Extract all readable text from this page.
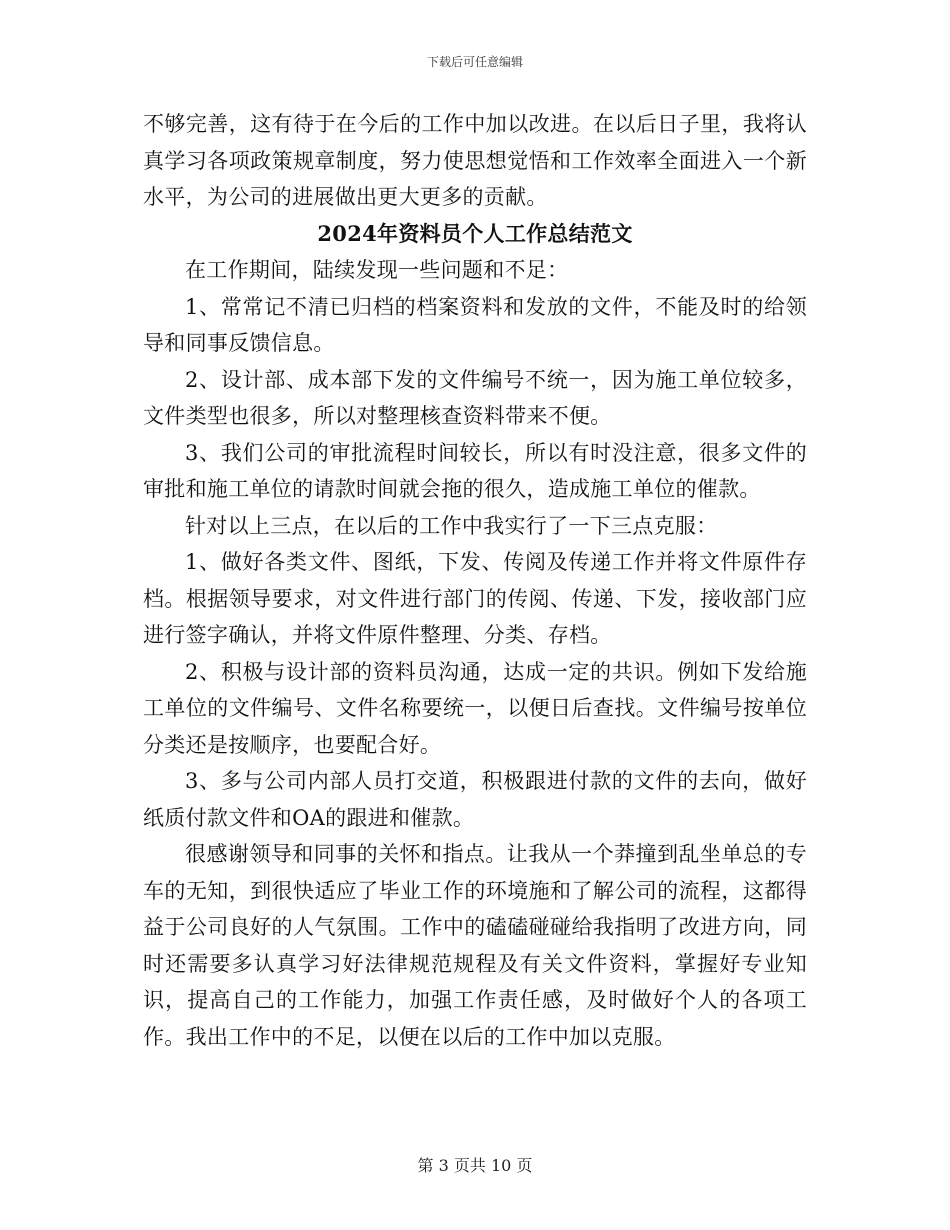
下载后可任意编辑

不够完善，这有待于在今后的工作中加以改进。在以后日子里，我将认真学习各项政策规章制度，努力使思想觉悟和工作效率全面进入一个新水平，为公司的进展做出更大更多的贡献。

2024年资料员个人工作总结范文

在工作期间，陆续发现一些问题和不足：

1、常常记不清已归档的档案资料和发放的文件，不能及时的给领导和同事反馈信息。

2、设计部、成本部下发的文件编号不统一，因为施工单位较多，文件类型也很多，所以对整理核查资料带来不便。

3、我们公司的审批流程时间较长，所以有时没注意，很多文件的审批和施工单位的请款时间就会拖的很久，造成施工单位的催款。

针对以上三点，在以后的工作中我实行了一下三点克服：

1、做好各类文件、图纸，下发、传阅及传递工作并将文件原件存档。根据领导要求，对文件进行部门的传阅、传递、下发，接收部门应进行签字确认，并将文件原件整理、分类、存档。

2、积极与设计部的资料员沟通，达成一定的共识。例如下发给施工单位的文件编号、文件名称要统一，以便日后查找。文件编号按单位分类还是按顺序，也要配合好。

3、多与公司内部人员打交道，积极跟进付款的文件的去向，做好纸质付款文件和OA的跟进和催款。

很感谢领导和同事的关怀和指点。让我从一个莽撞到乱坐单总的专车的无知，到很快适应了毕业工作的环境施和了解公司的流程，这都得益于公司良好的人气氛围。工作中的磕磕碰碰给我指明了改进方向，同时还需要多认真学习好法律规范规程及有关文件资料，掌握好专业知识，提高自己的工作能力，加强工作责任感，及时做好个人的各项工作。我出工作中的不足，以便在以后的工作中加以克服。

第 3 页共 10 页
